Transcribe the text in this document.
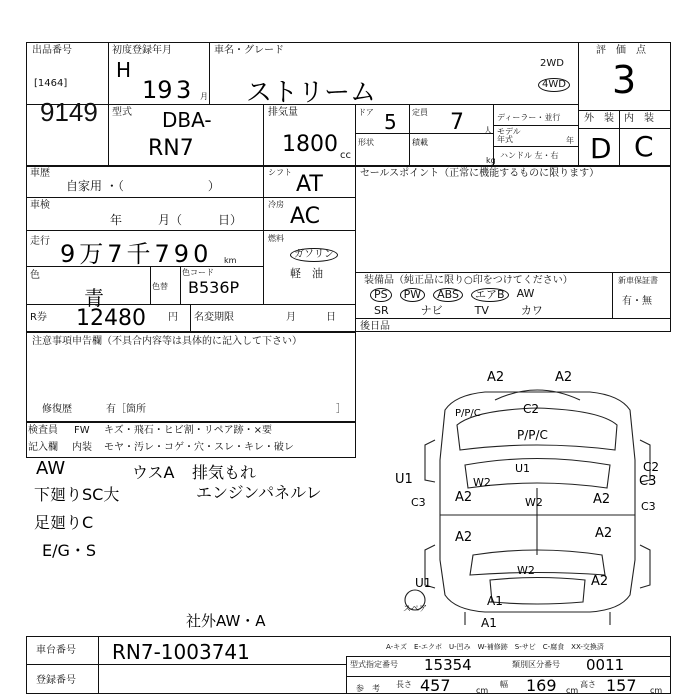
出品番号
[1464]
9149
初度登録年月
H
19 3 月
車名・グレード
ストリーム
2WD
4WD
評　価　点
3
外　装 内　装
D C
型式 DBA-
RN7
排気量
1800 cc
ドア 5
形状
定員 7	人
積載
kg
ディーラー・並行
モデル年式	年
ハンドル 左・右
車歴
自家用 ・（　　　　　　　）
車検
年　　　月（　　　日）
走行 9万7千790 km
色
青	色替
色コード
B536P
R券 12480 円 名変期限	月　　　日
シフト AT
冷房 AC
燃料
ガソリン
軽　油
セールスポイント（正常に機能するものに限ります）
装備品（純正品に限り○印をつけてください）	新車保証書
有・無
PS	PW	ABS	エアB	AW
SR	ナビ	TV	カワ
後日品
注意事項申告欄（不具合内容等は具体的に記入して下さい）
修復歴	有［箇所	］
検査員
記入欄
FW
内装
キズ・飛石・ヒビ割・リペア跡・×要
モヤ・汚レ・コゲ・穴・スレ・キレ・破レ
AW	ウスA 排気もれ
エンジンパネルレ
下廻りSC大
足廻りC
E/G・S
社外AW・A
A2	A2
P/P/C	C2
P/P/C
U1	C3
C2
A2	A2
U1
W2
W2
C3	C3
A2	A2
W2
U1	A2
A1
A1
スペア
A-キズ　E-エクボ　U-凹み　W-補修跡　S-サビ　C-腐食　XX-交換済
車台番号 RN7-1003741
登録番号
型式指定番号 15354	類別区分番号 0011
参　考 長さ 457	cm
幅 169 cm
高さ 157 cm
